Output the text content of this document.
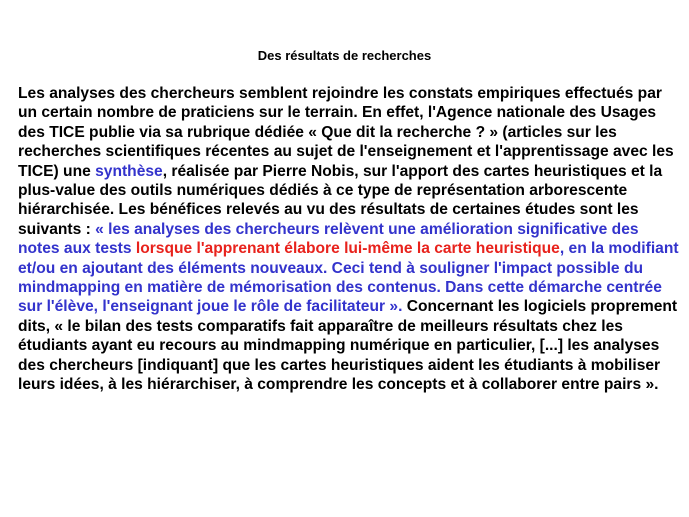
Des résultats de recherches

Les analyses des chercheurs semblent rejoindre les constats empiriques effectués par un certain nombre de praticiens sur le terrain. En effet, l'Agence nationale des Usages des TICE publie via sa rubrique dédiée « Que dit la recherche ? » (articles sur les recherches scientifiques récentes au sujet de l'enseignement et l'apprentissage avec les TICE) une synthèse, réalisée par Pierre Nobis, sur l'apport des cartes heuristiques et la plus-value des outils numériques dédiés à ce type de représentation arborescente hiérarchisée. Les bénéfices relevés au vu des résultats de certaines études sont les suivants : « les analyses des chercheurs relèvent une amélioration significative des notes aux tests lorsque l'apprenant élabore lui-même la carte heuristique, en la modifiant et/ou en ajoutant des éléments nouveaux. Ceci tend à souligner l'impact possible du mindmapping en matière de mémorisation des contenus. Dans cette démarche centrée sur l'élève, l'enseignant joue le rôle de facilitateur ». Concernant les logiciels proprement dits, « le bilan des tests comparatifs fait apparaître de meilleurs résultats chez les étudiants ayant eu recours au mindmapping numérique en particulier, [...] les analyses des chercheurs [indiquant] que les cartes heuristiques aident les étudiants à mobiliser leurs idées, à les hiérarchiser, à comprendre les concepts et à collaborer entre pairs ».
